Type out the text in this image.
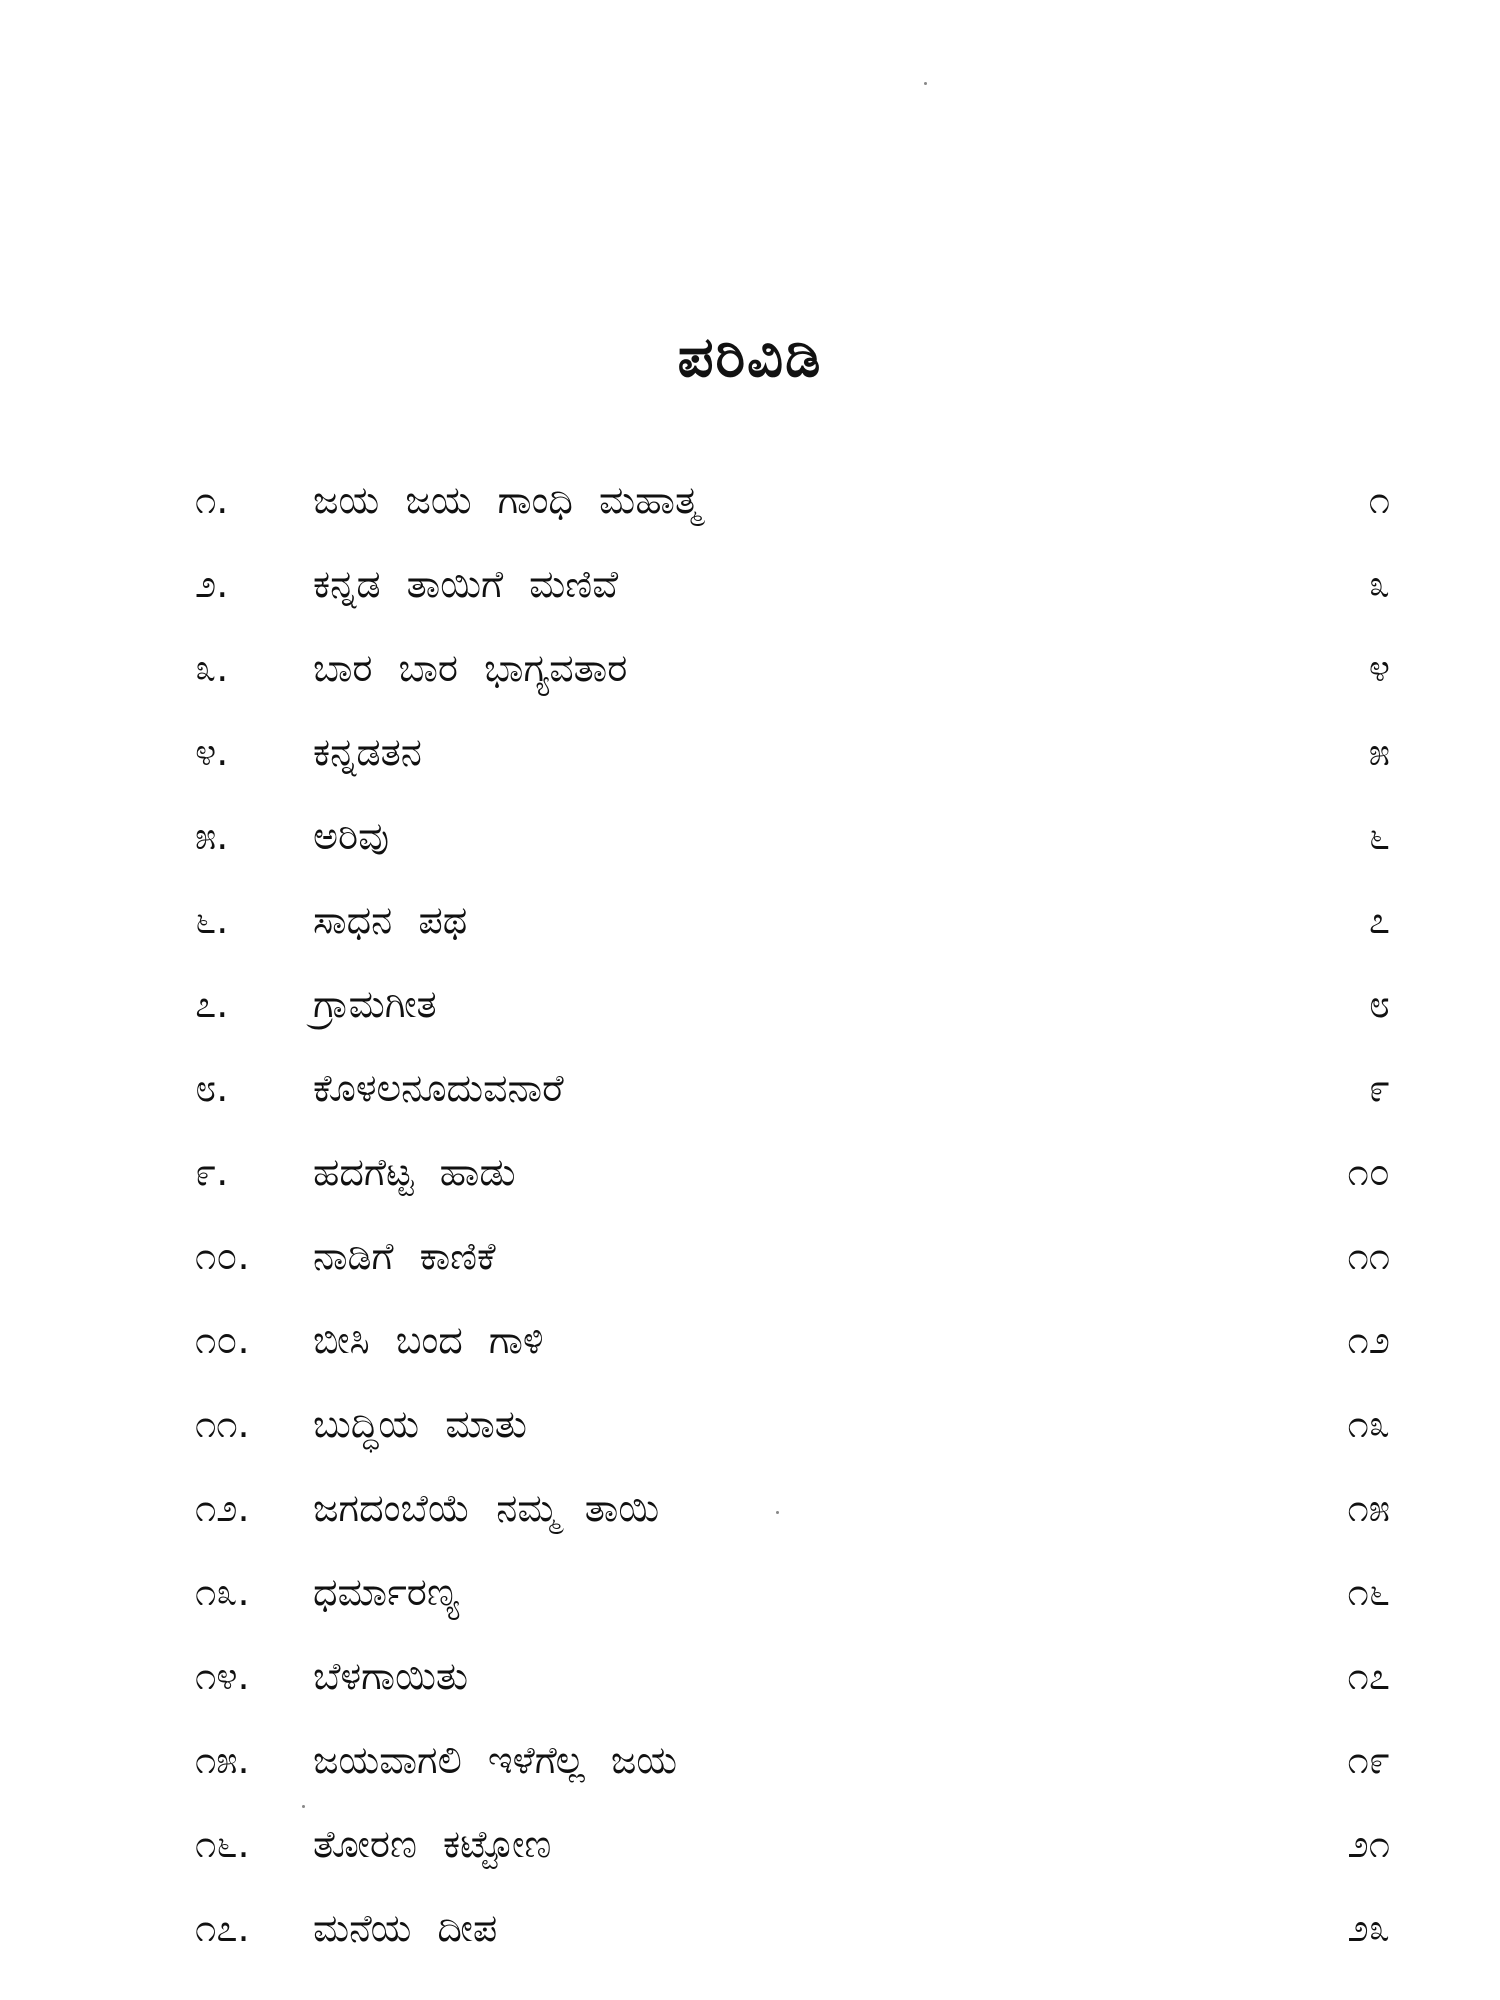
ಪರಿವಿಡಿ
೧.	ಜಯ ಜಯ ಗಾಂಧಿ ಮಹಾತ್ಮ	೧
೨.	ಕನ್ನಡ ತಾಯಿಗೆ ಮಣಿವೆ	೩
೩.	ಬಾರ ಬಾರ ಭಾಗ್ಯವತಾರ	೪
೪.	ಕನ್ನಡತನ	೫
೫.	ಅರಿವು	೬
೬.	ಸಾಧನ ಪಥ	೭
೭.	ಗ್ರಾಮಗೀತ	೮
೮.	ಕೊಳಲನೂದುವನಾರೆ	೯
೯.	ಹದಗೆಟ್ಟ ಹಾಡು	೧೦
೧೦.	ನಾಡಿಗೆ ಕಾಣಿಕೆ	೧೧
೧೦.	ಬೀಸಿ ಬಂದ ಗಾಳಿ	೧೨
೧೧.	ಬುದ್ಧಿಯ ಮಾತು	೧೩
೧೨.	ಜಗದಂಬೆಯೆ ನಮ್ಮ ತಾಯಿ	೧೫
೧೩.	ಧರ್ಮಾರಣ್ಯ	೧೬
೧೪.	ಬೆಳಗಾಯಿತು	೧೭
೧೫.	ಜಯವಾಗಲಿ ಇಳೆಗೆಲ್ಲ ಜಯ	೧೯
೧೬.	ತೋರಣ ಕಟ್ಟೋಣ	೨೧
೧೭.	ಮನೆಯ ದೀಪ	೨೩
